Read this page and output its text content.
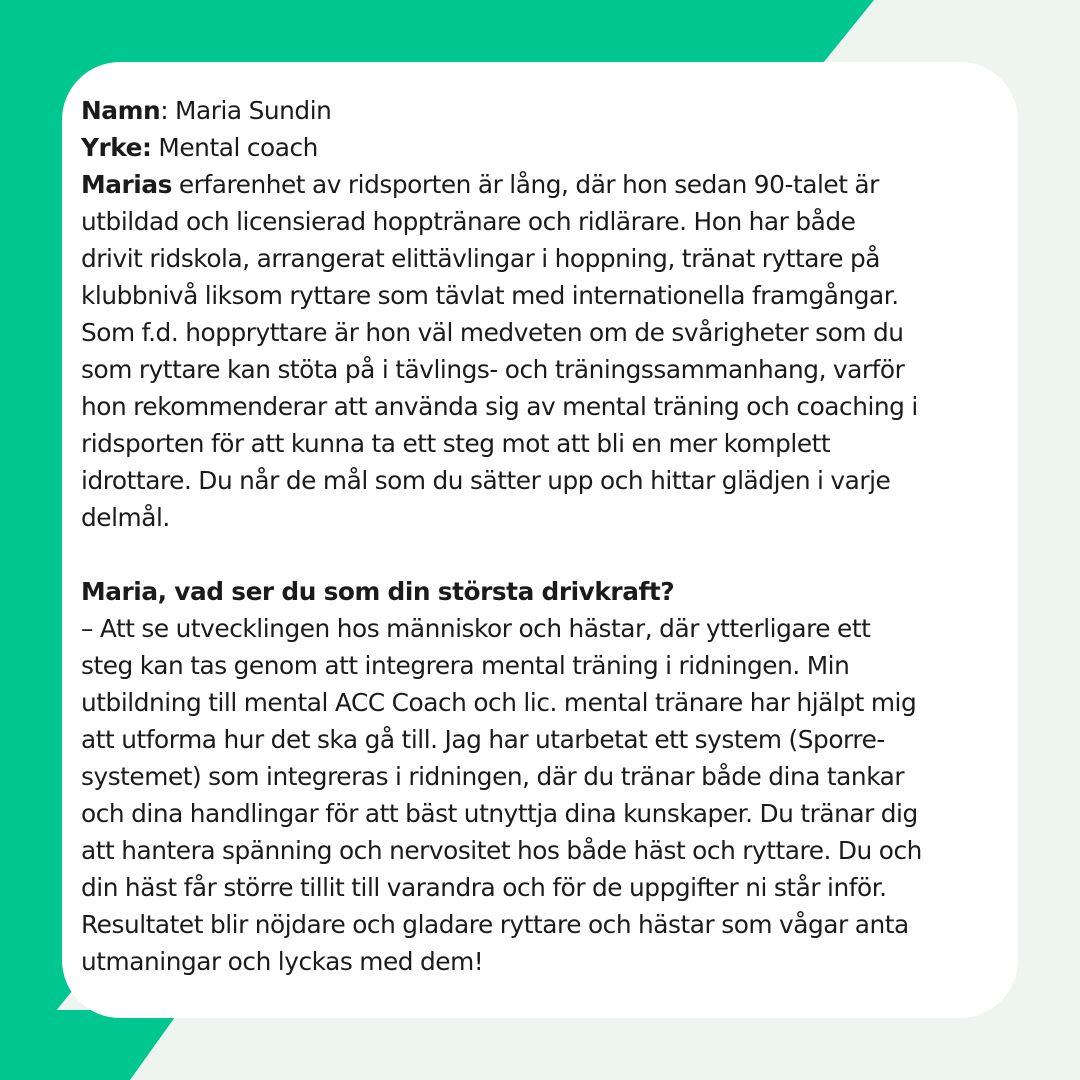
Namn: Maria Sundin
Yrke: Mental coach
Marias erfarenhet av ridsporten är lång, där hon sedan 90-talet är
utbildad och licensierad hopptränare och ridlärare. Hon har både
drivit ridskola, arrangerat elittävlingar i hoppning, tränat ryttare på
klubbnivå liksom ryttare som tävlat med internationella framgångar.
Som f.d. hoppryttare är hon väl medveten om de svårigheter som du
som ryttare kan stöta på i tävlings- och träningssammanhang, varför
hon rekommenderar att använda sig av mental träning och coaching i
ridsporten för att kunna ta ett steg mot att bli en mer komplett
idrottare. Du når de mål som du sätter upp och hittar glädjen i varje
delmål.
Maria, vad ser du som din största drivkraft?
– Att se utvecklingen hos människor och hästar, där ytterligare ett
steg kan tas genom att integrera mental träning i ridningen. Min
utbildning till mental ACC Coach och lic. mental tränare har hjälpt mig
att utforma hur det ska gå till. Jag har utarbetat ett system (Sporre-
systemet) som integreras i ridningen, där du tränar både dina tankar
och dina handlingar för att bäst utnyttja dina kunskaper. Du tränar dig
att hantera spänning och nervositet hos både häst och ryttare. Du och
din häst får större tillit till varandra och för de uppgifter ni står inför.
Resultatet blir nöjdare och gladare ryttare och hästar som vågar anta
utmaningar och lyckas med dem!
